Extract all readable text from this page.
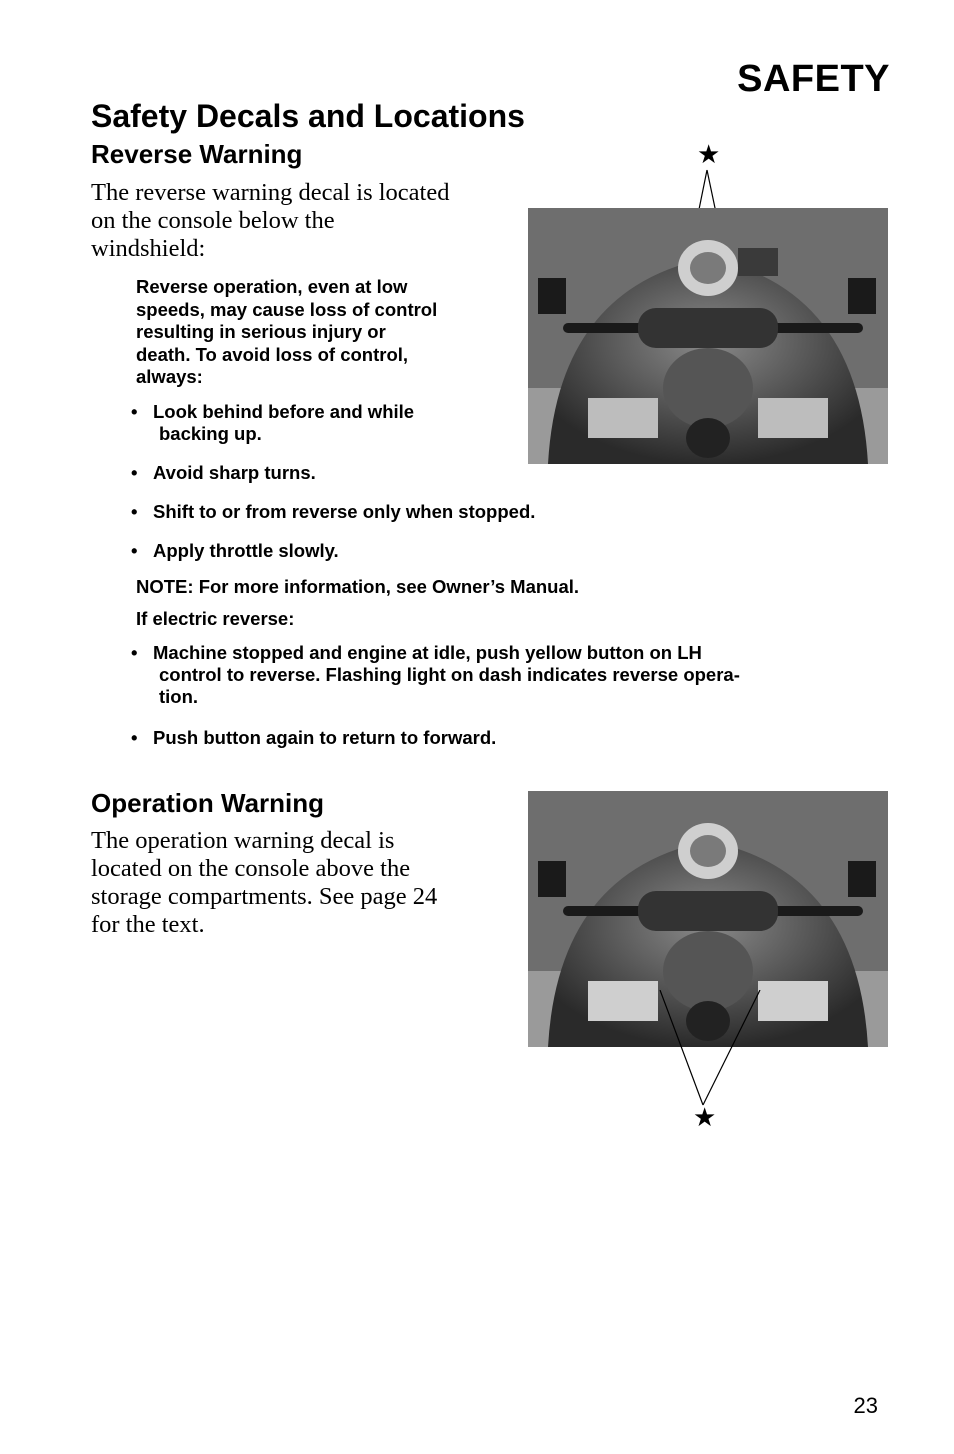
SAFETY
Safety Decals and Locations
Reverse Warning
The reverse warning decal is located
on the console below the
windshield:
Reverse operation, even at low
speeds, may cause loss of control
resulting in serious injury or
death. To avoid loss of control,
always:
• Look behind before and while
backing up.
• Avoid sharp turns.
• Shift to or from reverse only when stopped.
• Apply throttle slowly.
NOTE: For more information, see Owner’s Manual.
If electric reverse:
• Machine stopped and engine at idle, push yellow button on LH
control to reverse. Flashing light on dash indicates reverse opera-
tion.
• Push button again to return to forward.
★
Operation Warning
The operation warning decal is
located on the console above the
storage compartments. See page 24
for the text.
★
23
